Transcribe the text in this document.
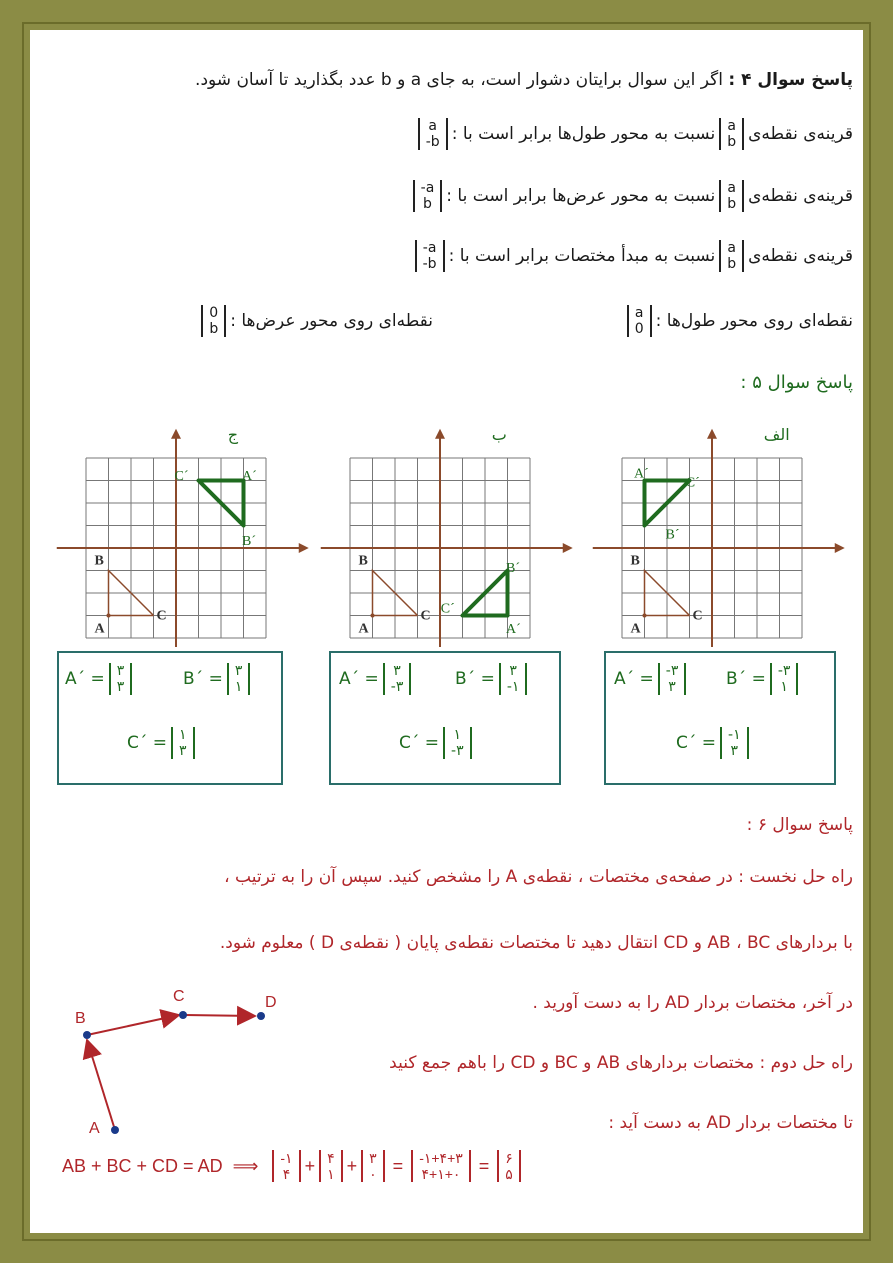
پاسخ سوال ۴ : اگر این سوال برایتان دشوار است، به جای a و b عدد بگذارید تا آسان شود.
قرینه‌ی نقطه‌ی
a
b
نسبت به محور طول‌ها برابر است با :
a
-b
قرینه‌ی نقطه‌ی
a
b
نسبت به محور عرض‌ها برابر است با :
-a
b
قرینه‌ی نقطه‌ی
a
b
نسبت به مبدأ مختصات برابر است با :
-a
-b
نقطه‌ای روی محور طول‌ها :
a
0
نقطه‌ای روی محور عرض‌ها :
0
b
پاسخ سوال ۵ :
A
B
C
A´
B´
C´
الف
A
B
C
A´
B´
C´
ب
A
B
C
A´
B´
C´
ج
A´ = -۳
۳	B´ = -۳
۱
C´ = -۱
۳
A´ = ۳
-۳	B´ = ۳
-۱
C´ = ۱
-۳
A´ = ۳
۳	B´ = ۳
۱
C´ = ۱
۳
پاسخ سوال ۶ :
راه حل نخست : در صفحه‌ی مختصات ، نقطه‌ی A را مشخص کنید. سپس آن را به ترتیب ،
با بردارهای AB ، BC و CD انتقال دهید تا مختصات نقطه‌ی پایان ( نقطه‌ی D ) معلوم شود.
در آخر، مختصات بردار AD را به دست آورید .
راه حل دوم : مختصات بردارهای AB و BC و CD را باهم جمع کنید
تا مختصات بردار AD به دست آید :
A
B
C	D
AB + BC + CD = AD ⟹ -۱
۴ + ۴
۱ + ۳
۰ = -۱+۴+۳
۴+۱+۰ = ۶
۵
